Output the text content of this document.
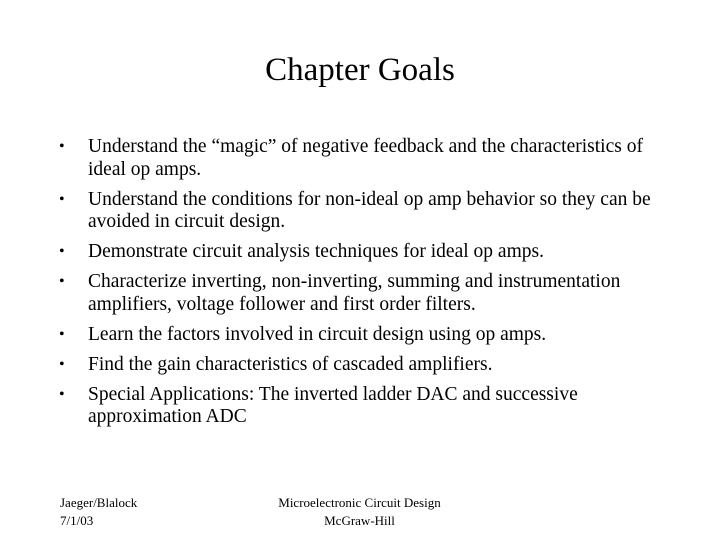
Chapter Goals
• Understand the “magic” of negative feedback and the characteristics of ideal op amps.
• Understand the conditions for non-ideal op amp behavior so they can be avoided in circuit design.
• Demonstrate circuit analysis techniques for ideal op amps.
• Characterize inverting, non-inverting, summing and instrumentation amplifiers, voltage follower and first order filters.
• Learn the factors involved in circuit design using op amps.
• Find the gain characteristics of cascaded amplifiers.
• Special Applications: The inverted ladder DAC and successive approximation ADC
Jaeger/Blalock
7/1/03
Microelectronic Circuit Design
McGraw-Hill
